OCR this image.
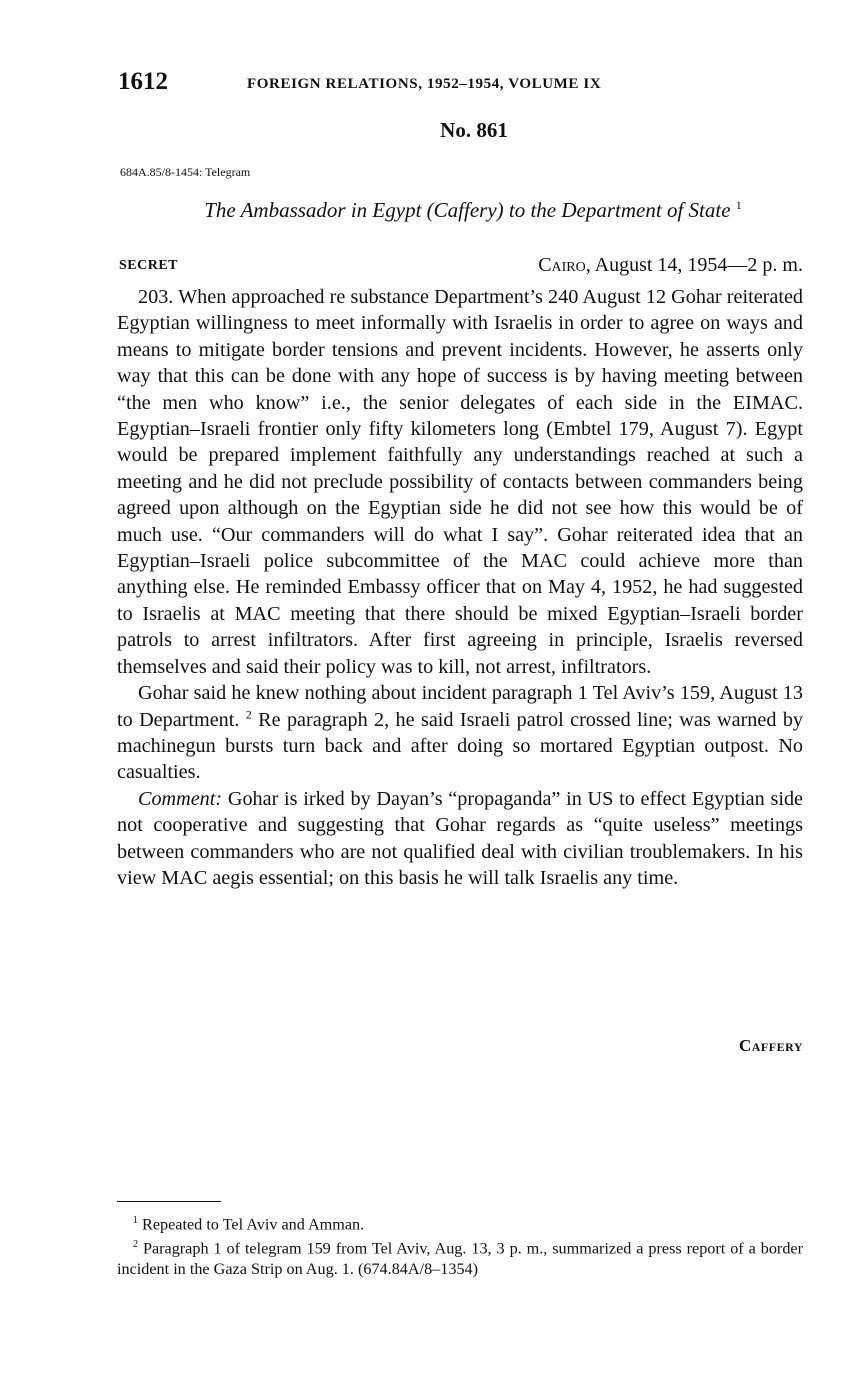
1612	FOREIGN RELATIONS, 1952–1954, VOLUME IX
No. 861
684A.85/8-1454: Telegram
The Ambassador in Egypt (Caffery) to the Department of State $^1$
SECRET	Cairo, August 14, 1954—2 p. m.

203. When approached re substance Department’s 240 August 12 Gohar reiterated Egyptian willingness to meet informally with Israelis in order to agree on ways and means to mitigate border tensions and prevent incidents. However, he asserts only way that this can be done with any hope of success is by having meeting between “the men who know” i.e., the senior delegates of each side in the EIMAC. Egyptian–Israeli frontier only fifty kilometers long (Embtel 179, August 7). Egypt would be prepared implement faithfully any understandings reached at such a meeting and he did not preclude possibility of contacts between commanders being agreed upon although on the Egyptian side he did not see how this would be of much use. “Our commanders will do what I say”. Gohar reiterated idea that an Egyptian–Israeli police subcommittee of the MAC could achieve more than anything else. He reminded Embassy officer that on May 4, 1952, he had suggested to Israelis at MAC meeting that there should be mixed Egyptian–Israeli border patrols to arrest infiltrators. After first agreeing in principle, Israelis reversed themselves and said their policy was to kill, not arrest, infiltrators.

Gohar said he knew nothing about incident paragraph 1 Tel Aviv’s 159, August 13 to Department. $^2$ Re paragraph 2, he said Israeli patrol crossed line; was warned by machinegun bursts turn back and after doing so mortared Egyptian outpost. No casualties.

Comment: Gohar is irked by Dayan’s “propaganda” in US to effect Egyptian side not cooperative and suggesting that Gohar regards as “quite useless” meetings between commanders who are not qualified deal with civilian troublemakers. In his view MAC aegis essential; on this basis he will talk Israelis any time.

Caffery

$^1$ Repeated to Tel Aviv and Amman.

$^2$ Paragraph 1 of telegram 159 from Tel Aviv, Aug. 13, 3 p. m., summarized a press report of a border incident in the Gaza Strip on Aug. 1. (674.84A/8–1354)
